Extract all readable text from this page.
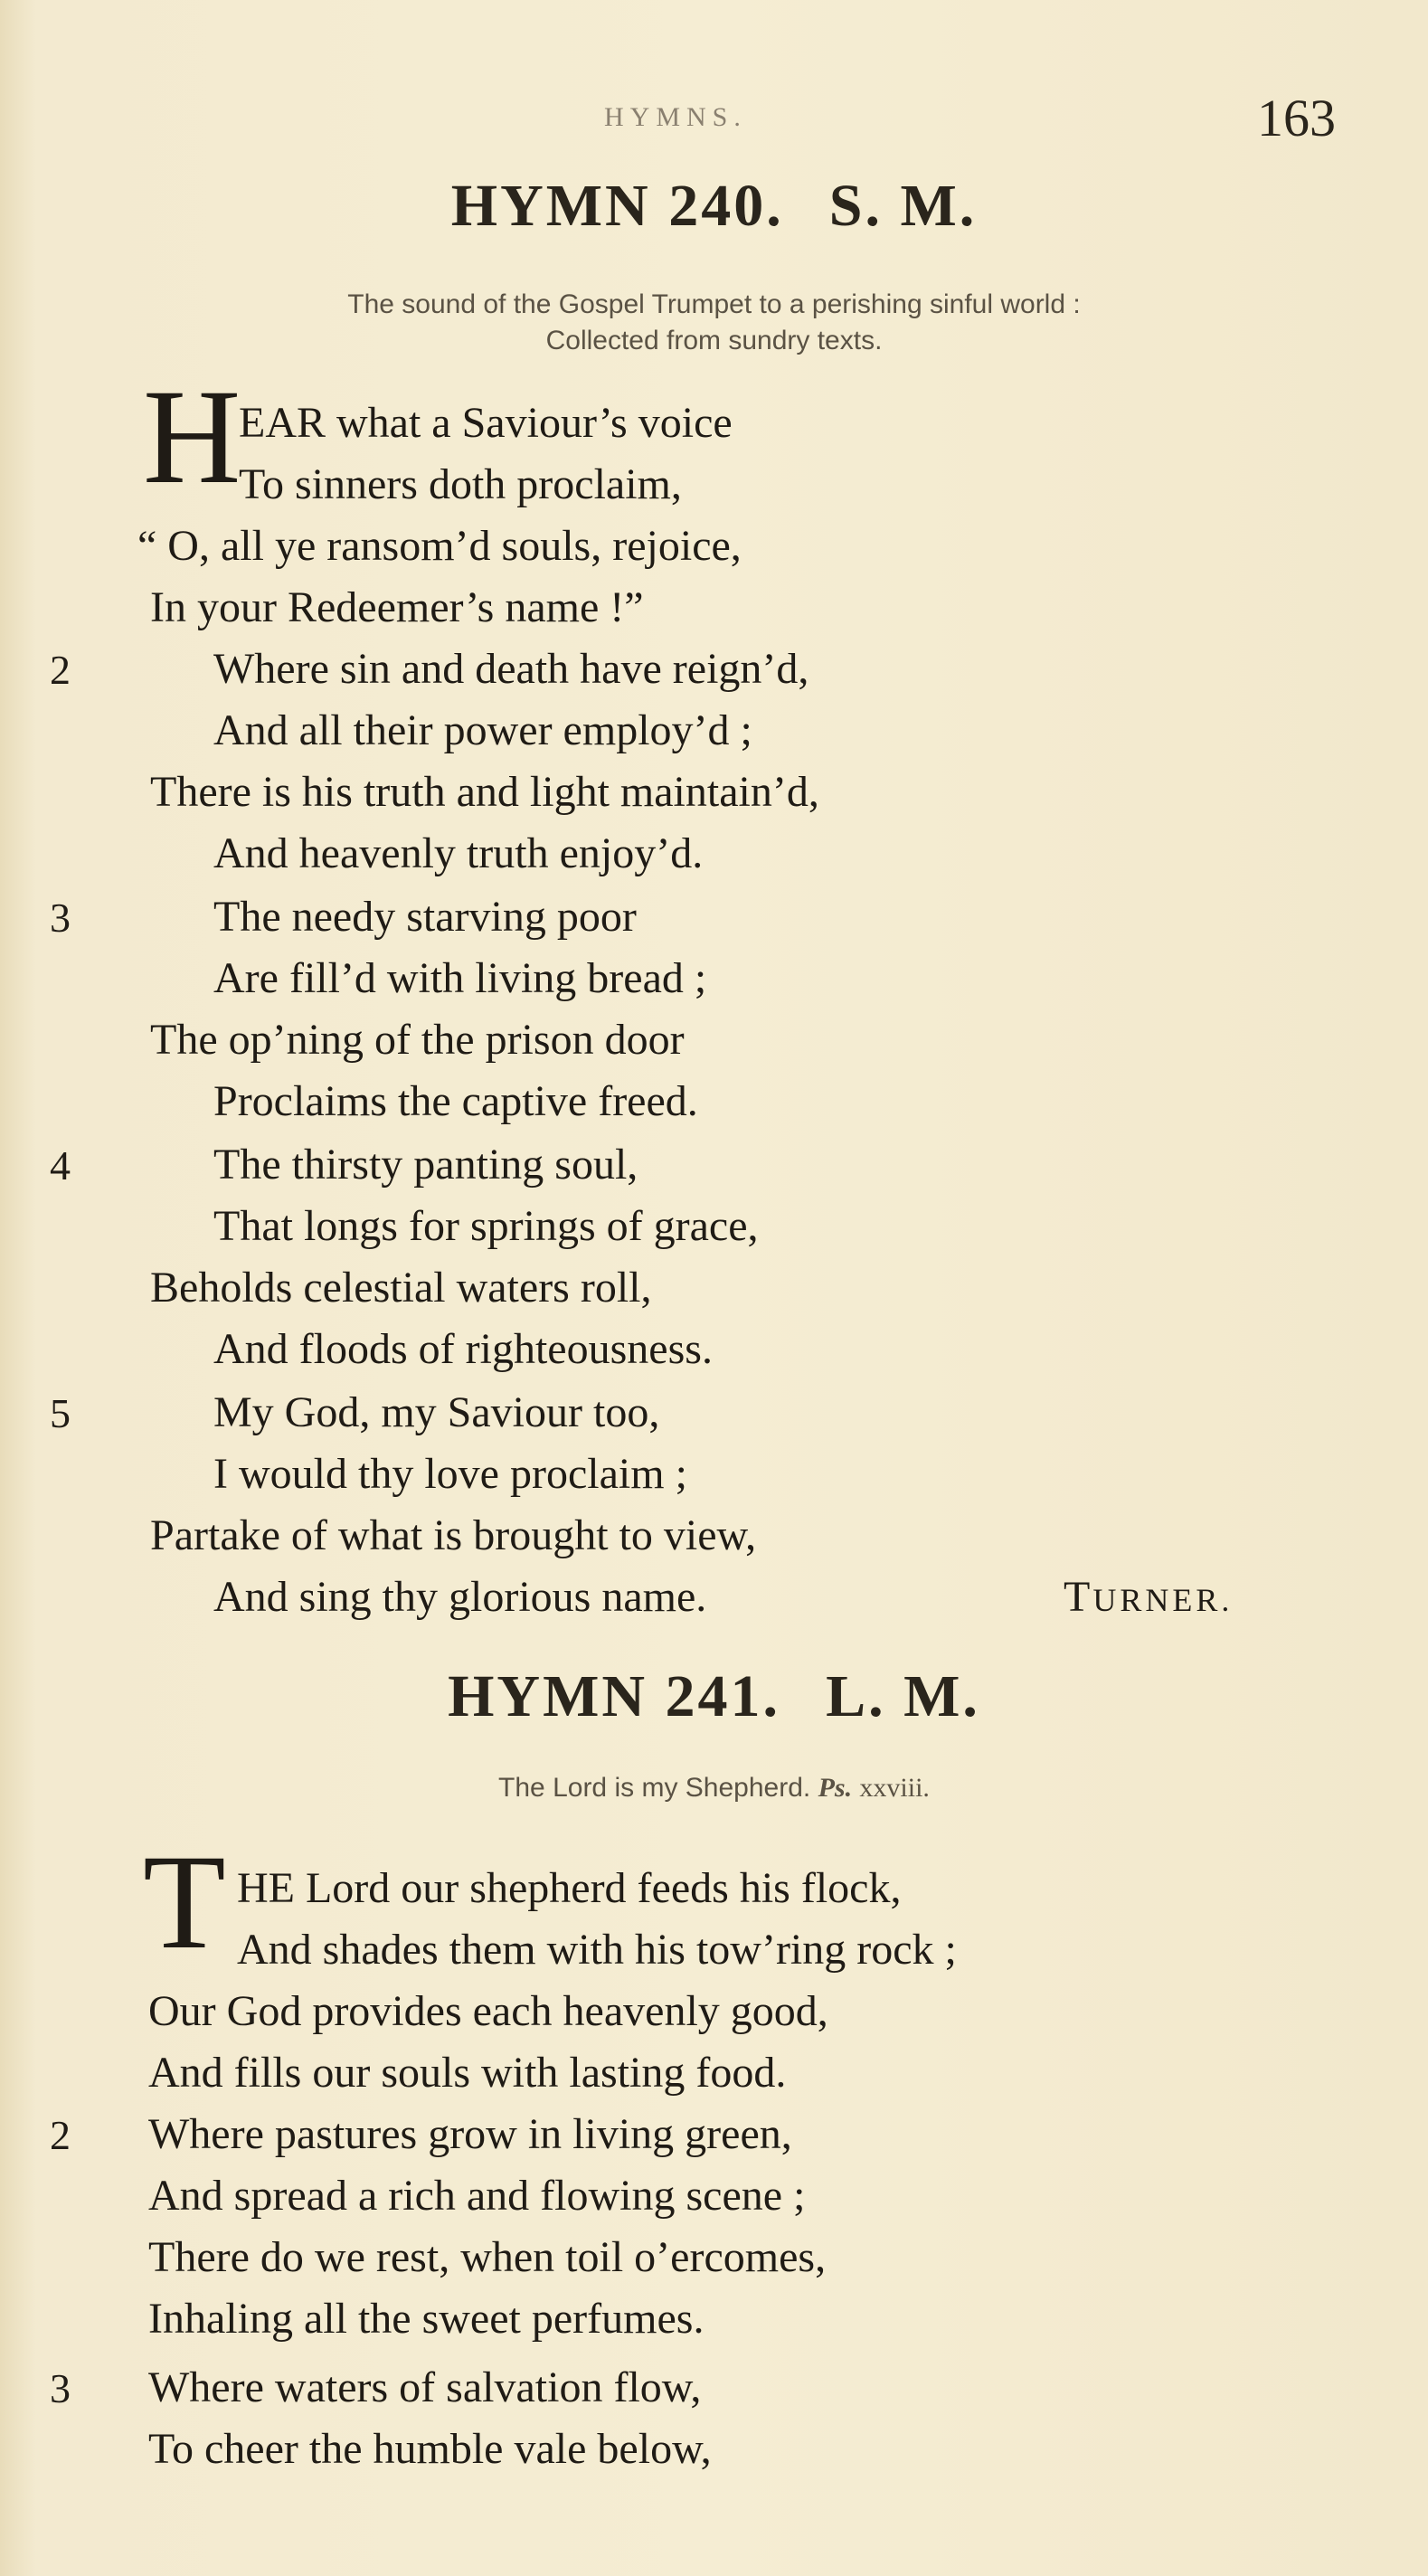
HYMNS.	163
HYMN 240. S. M.
The sound of the Gospel Trumpet to a perishing sinful world :
Collected from sundry texts.
H
EAR what a Saviour’s voice
To sinners doth proclaim,
“ O, all ye ransom’d souls, rejoice,
In your Redeemer’s name !”
2	Where sin and death have reign’d,
And all their power employ’d ;
There is his truth and light maintain’d,
And heavenly truth enjoy’d.
3	The needy starving poor
Are fill’d with living bread ;
The op’ning of the prison door
Proclaims the captive freed.
4	The thirsty panting soul,
That longs for springs of grace,
Beholds celestial waters roll,
And floods of righteousness.
5	My God, my Saviour too,
I would thy love proclaim ;
Partake of what is brought to view,
And sing thy glorious name.	TURNER.
HYMN 241. L. M.
The Lord is my Shepherd. Ps. xxviii.
T HE Lord our shepherd feeds his flock,
And shades them with his tow’ring rock ;
Our God provides each heavenly good,
And fills our souls with lasting food.
2 Where pastures grow in living green,
And spread a rich and flowing scene ;
There do we rest, when toil o’ercomes,
Inhaling all the sweet perfumes.
3 Where waters of salvation flow,
To cheer the humble vale below,
